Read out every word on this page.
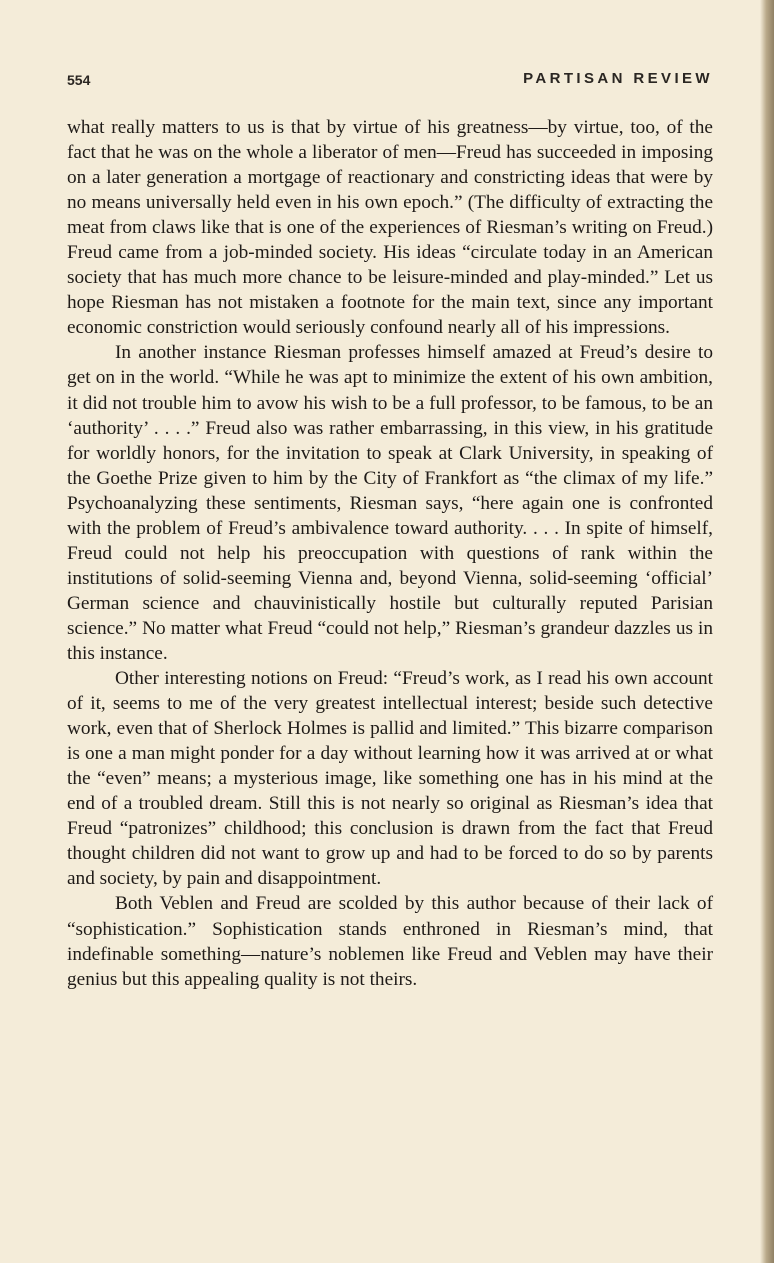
554	PARTISAN REVIEW

what really matters to us is that by virtue of his greatness—by virtue, too, of the fact that he was on the whole a liberator of men—Freud has succeeded in imposing on a later generation a mortgage of reactionary and constricting ideas that were by no means universally held even in his own epoch.” (The difficulty of extracting the meat from claws like that is one of the experiences of Riesman’s writing on Freud.) Freud came from a job-minded society. His ideas “circulate today in an American society that has much more chance to be leisure-minded and play-minded.” Let us hope Riesman has not mistaken a footnote for the main text, since any important economic constriction would seriously confound nearly all of his impressions.

In another instance Riesman professes himself amazed at Freud’s desire to get on in the world. “While he was apt to minimize the extent of his own ambition, it did not trouble him to avow his wish to be a full professor, to be famous, to be an ‘authority’ . . . .” Freud also was rather embarrassing, in this view, in his gratitude for worldly honors, for the invitation to speak at Clark University, in speaking of the Goethe Prize given to him by the City of Frankfort as “the climax of my life.” Psychoanalyzing these sentiments, Riesman says, “here again one is confronted with the problem of Freud’s ambivalence toward authority. . . . In spite of himself, Freud could not help his preoccupation with questions of rank within the institutions of solid-seeming Vienna and, beyond Vienna, solid-seeming ‘official’ German science and chauvinistically hostile but culturally reputed Parisian science.” No matter what Freud “could not help,” Riesman’s grandeur dazzles us in this instance.

Other interesting notions on Freud: “Freud’s work, as I read his own account of it, seems to me of the very greatest intellectual interest; beside such detective work, even that of Sherlock Holmes is pallid and limited.” This bizarre comparison is one a man might ponder for a day without learning how it was arrived at or what the “even” means; a mysterious image, like something one has in his mind at the end of a troubled dream. Still this is not nearly so original as Riesman’s idea that Freud “patronizes” childhood; this conclusion is drawn from the fact that Freud thought children did not want to grow up and had to be forced to do so by parents and society, by pain and disappointment.

Both Veblen and Freud are scolded by this author because of their lack of “sophistication.” Sophistication stands enthroned in Riesman’s mind, that indefinable something—nature’s noblemen like Freud and Veblen may have their genius but this appealing quality is not theirs.
